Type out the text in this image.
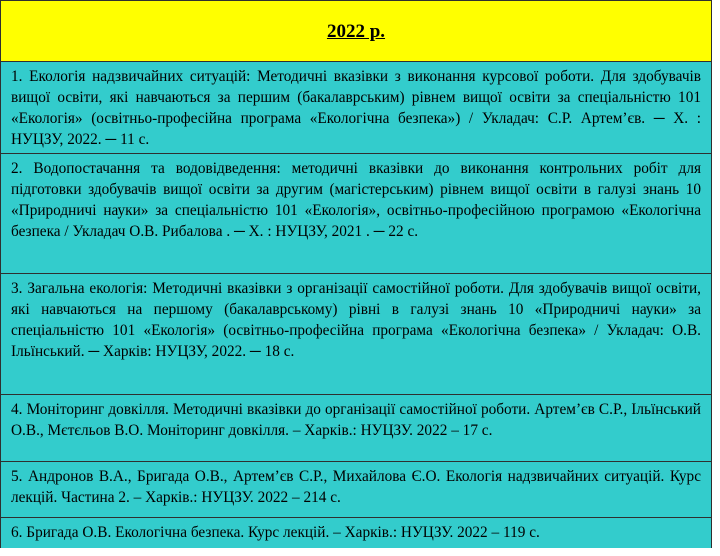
2022 р.
1. Екологія надзвичайних ситуацій: Методичні вказівки з виконання курсової роботи. Для здобувачів вищої освіти, які навчаються за першим (бакалаврським) рівнем вищої освіти за спеціальністю 101 «Екологія» (освітньо-професійна програма «Екологічна безпека») / Укладач: С.Р. Артем’єв. ─ Х. : НУЦЗУ, 2022. ─ 11 с.
2. Водопостачання та водовідведення: методичні вказівки до виконання контрольних робіт для підготовки здобувачів вищої освіти за другим (магістерським) рівнем вищої освіти в галузі знань 10 «Природничі науки» за спеціальністю 101 «Екологія», освітньо-професійною програмою «Екологічна безпека / Укладач О.В. Рибалова . ─ Х. : НУЦЗУ, 2021 . ─ 22 с.
3. Загальна екологія: Методичні вказівки з організації самостійної роботи. Для здобувачів вищої освіти, які навчаються на першому (бакалаврському) рівні в галузі знань 10 «Природничі науки» за спеціальністю 101 «Екологія» (освітньо-професійна програма «Екологічна безпека» / Укладач: О.В. Ільїнський. ─ Харків: НУЦЗУ, 2022. ─ 18 с.
4. Моніторинг довкілля. Методичні вказівки до організації самостійної роботи. Артем’єв С.Р., Ільїнський О.В., Мєтєльов В.О. Моніторинг довкілля. – Харків.: НУЦЗУ. 2022 – 17 с.
5. Андронов В.А., Бригада О.В., Артем’єв С.Р., Михайлова Є.О. Екологія надзвичайних ситуацій. Курс лекцій. Частина 2. – Харків.: НУЦЗУ. 2022 – 214 с.
6. Бригада О.В. Екологічна безпека. Курс лекцій. – Харків.: НУЦЗУ. 2022 – 119 с.
